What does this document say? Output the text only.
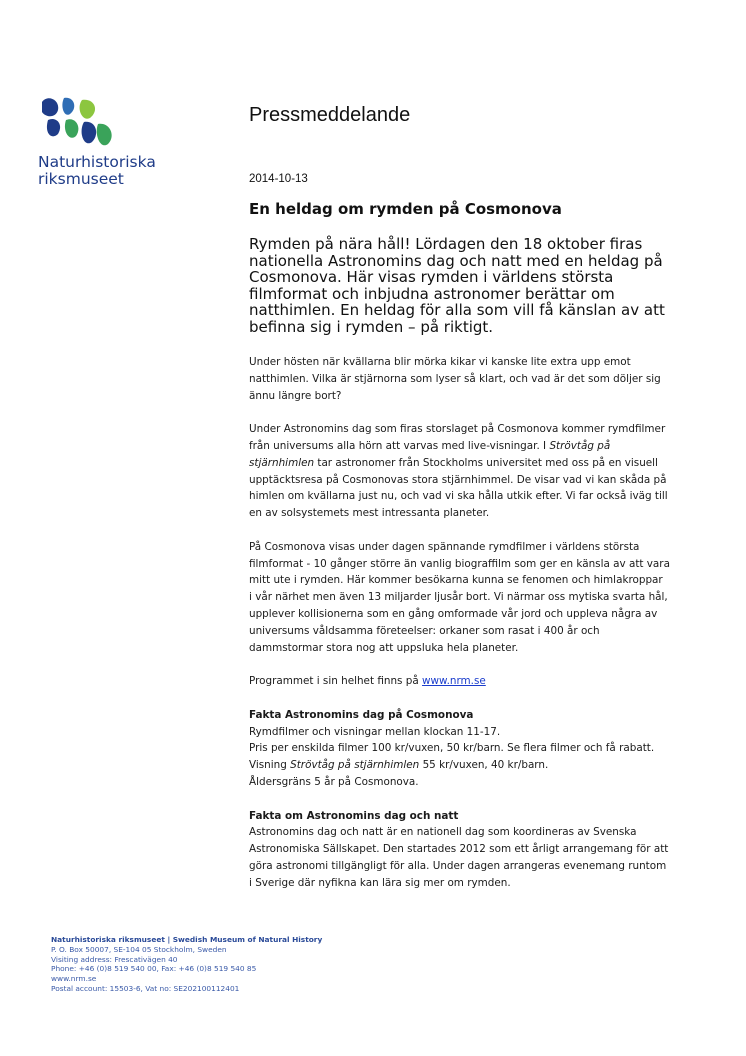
Naturhistoriska
riksmuseet
Pressmeddelande
2014-10-13
En heldag om rymden på Cosmonova
Rymden på nära håll! Lördagen den 18 oktober firas
nationella Astronomins dag och natt med en heldag på
Cosmonova. Här visas rymden i världens största
filmformat och inbjudna astronomer berättar om
natthimlen. En heldag för alla som vill få känslan av att
befinna sig i rymden – på riktigt.

Under hösten när kvällarna blir mörka kikar vi kanske lite extra upp emot
natthimlen. Vilka är stjärnorna som lyser så klart, och vad är det som döljer sig
ännu längre bort?

Under Astronomins dag som firas storslaget på Cosmonova kommer rymdfilmer
från universums alla hörn att varvas med live-visningar. I Strövtåg på
stjärnhimlen tar astronomer från Stockholms universitet med oss på en visuell
upptäcktsresa på Cosmonovas stora stjärnhimmel. De visar vad vi kan skåda på
himlen om kvällarna just nu, och vad vi ska hålla utkik efter. Vi far också iväg till
en av solsystemets mest intressanta planeter.

På Cosmonova visas under dagen spännande rymdfilmer i världens största
filmformat - 10 gånger större än vanlig biograffilm som ger en känsla av att vara
mitt ute i rymden. Här kommer besökarna kunna se fenomen och himlakroppar
i vår närhet men även 13 miljarder ljusår bort. Vi närmar oss mytiska svarta hål,
upplever kollisionerna som en gång omformade vår jord och uppleva några av
universums våldsamma företeelser: orkaner som rasat i 400 år och
dammstormar stora nog att uppsluka hela planeter.

Programmet i sin helhet finns på www.nrm.se

Fakta Astronomins dag på Cosmonova
Rymdfilmer och visningar mellan klockan 11-17.
Pris per enskilda filmer 100 kr/vuxen, 50 kr/barn. Se flera filmer och få rabatt.
Visning Strövtåg på stjärnhimlen 55 kr/vuxen, 40 kr/barn.
Åldersgräns 5 år på Cosmonova.

Fakta om Astronomins dag och natt
Astronomins dag och natt är en nationell dag som koordineras av Svenska
Astronomiska Sällskapet. Den startades 2012 som ett årligt arrangemang för att
göra astronomi tillgängligt för alla. Under dagen arrangeras evenemang runtom
i Sverige där nyfikna kan lära sig mer om rymden.

Naturhistoriska riksmuseet | Swedish Museum of Natural History
P. O. Box 50007, SE-104 05 Stockholm, Sweden
Visiting address: Frescativägen 40
Phone: +46 (0)8 519 540 00, Fax: +46 (0)8 519 540 85
www.nrm.se
Postal account: 15503-6, Vat no: SE202100112401
